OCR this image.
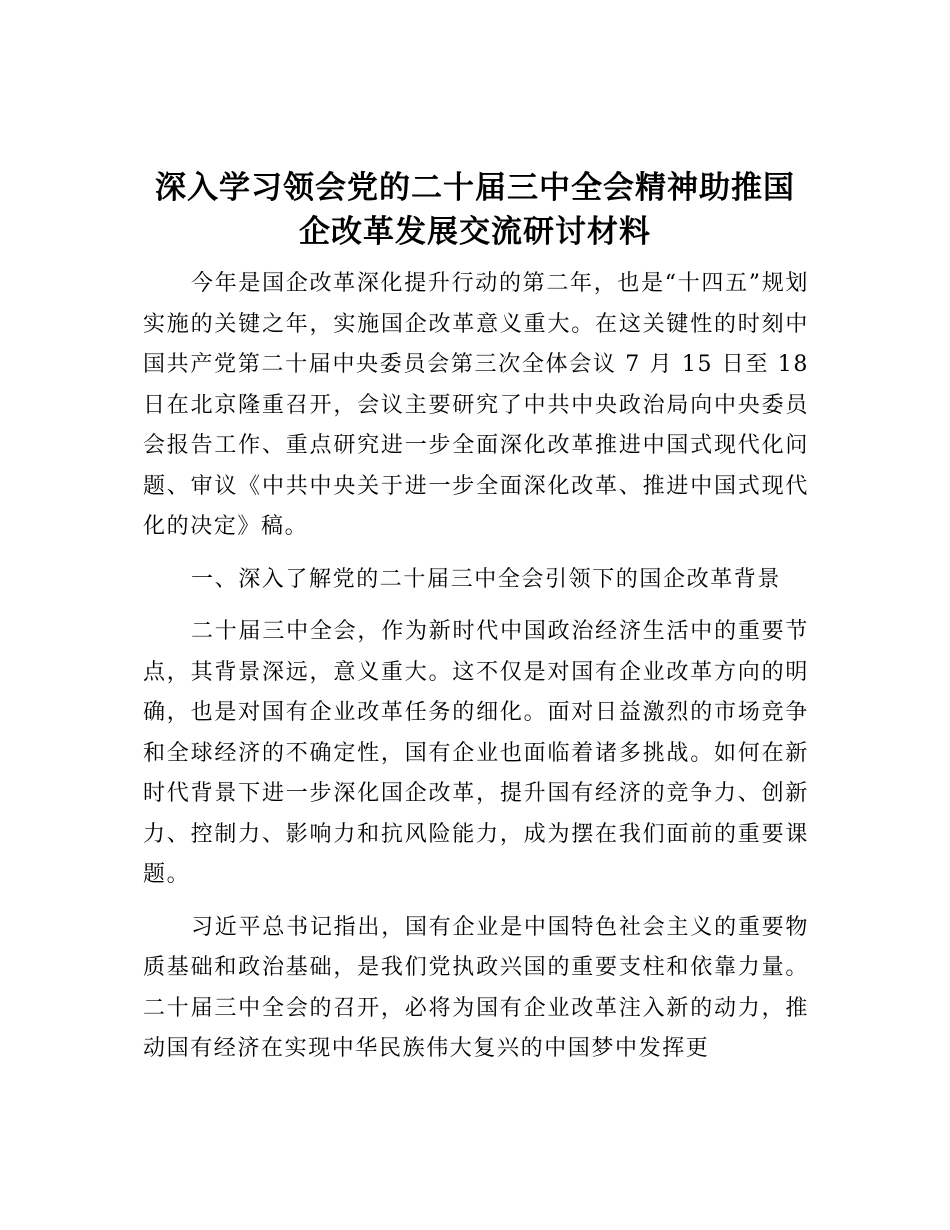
深入学习领会党的二十届三中全会精神助推国
企改革发展交流研讨材料

今年是国企改革深化提升行动的第二年，也是“十四五”规划实施的关键之年，实施国企改革意义重大。在这关键性的时刻中国共产党第二十届中央委员会第三次全体会议 7 月 15 日至 18 日在北京隆重召开，会议主要研究了中共中央政治局向中央委员会报告工作、重点研究进一步全面深化改革推进中国式现代化问题、审议《中共中央关于进一步全面深化改革、推进中国式现代化的决定》稿。

一、深入了解党的二十届三中全会引领下的国企改革背景

二十届三中全会，作为新时代中国政治经济生活中的重要节点，其背景深远，意义重大。这不仅是对国有企业改革方向的明确，也是对国有企业改革任务的细化。面对日益激烈的市场竞争和全球经济的不确定性，国有企业也面临着诸多挑战。如何在新时代背景下进一步深化国企改革，提升国有经济的竞争力、创新力、控制力、影响力和抗风险能力，成为摆在我们面前的重要课题。

习近平总书记指出，国有企业是中国特色社会主义的重要物质基础和政治基础，是我们党执政兴国的重要支柱和依靠力量。二十届三中全会的召开，必将为国有企业改革注入新的动力，推动国有经济在实现中华民族伟大复兴的中国梦中发挥更
